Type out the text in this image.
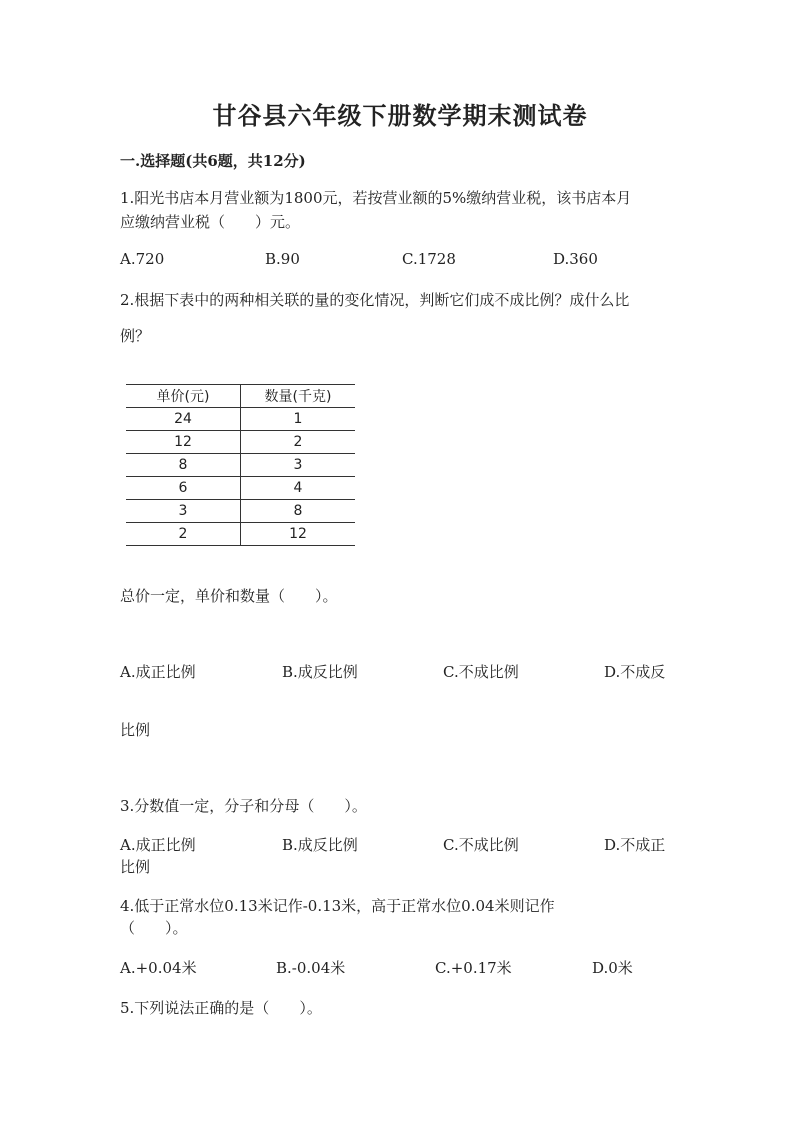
甘谷县六年级下册数学期末测试卷
一.选择题(共6题，共12分)
1.阳光书店本月营业额为1800元，若按营业额的5%缴纳营业税，该书店本月
应缴纳营业税（　　）元。
A.720	B.90	C.1728	D.360
2.根据下表中的两种相关联的量的变化情况，判断它们成不成比例？成什么比
例？
单价(元)	数量(千克)
24	1
12	2
8	3
6	4
3	8
2	12
总价一定，单价和数量（　　）。
A.成正比例	B.成反比例	C.不成比例	D.不成反
比例
3.分数值一定，分子和分母（　　）。
A.成正比例	B.成反比例	C.不成比例	D.不成正
比例
4.低于正常水位0.13米记作-0.13米，高于正常水位0.04米则记作
（　　）。
A.+0.04米	B.-0.04米	C.+0.17米	D.0米
5.下列说法正确的是（　　）。
